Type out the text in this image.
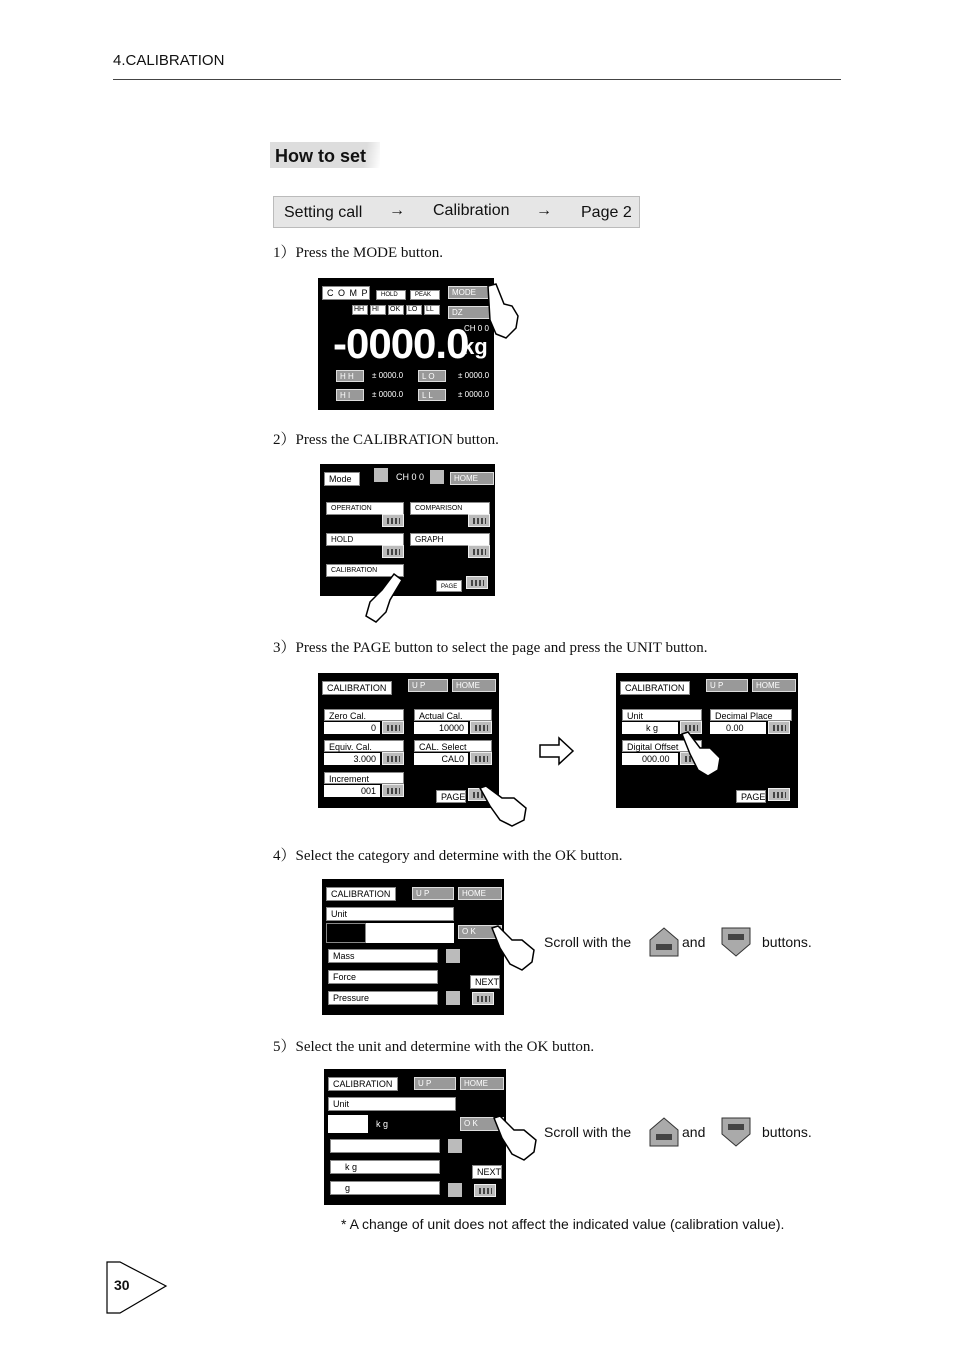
4.CALIBRATION
How to set
Setting call → Calibration → Page 2
1）Press the MODE button.
C O M P	HOLD	PEAK	MODE
HH	HI	OK	LO	LL	DZ
CH 0 0
-0000.0
kg
H H	± 0000.0	L O	± 0000.0
H I	± 0000.0	L L	± 0000.0
2）Press the CALIBRATION button.
Mode	CH 0 0	HOME
OPERATION	COMPARISON
HOLD	GRAPH
CALIBRATION
PAGE
3）Press the PAGE button to select the page and press the UNIT button.
CALIBRATION	U P	HOME
Zero Cal.
0
Actual Cal.
10000
Equiv. Cal.
3.000
CAL. Select
CAL0
Increment
001
PAGE
CALIBRATION	U P	HOME
Unit
k g
Decimal Place
0.00
Digital Offset
000.00
PAGE
4）Select the category and determine with the OK button.
CALIBRATION	U P	HOME
Unit
O K
Mass
Force
Pressure
NEXT
Scroll with the	and	buttons.
5）Select the unit and determine with the OK button.
CALIBRATION	U P	HOME
Unit
k g	O K
k g
g
NEXT
Scroll with the	and	buttons.
* A change of unit does not affect the indicated value (calibration value).
30
